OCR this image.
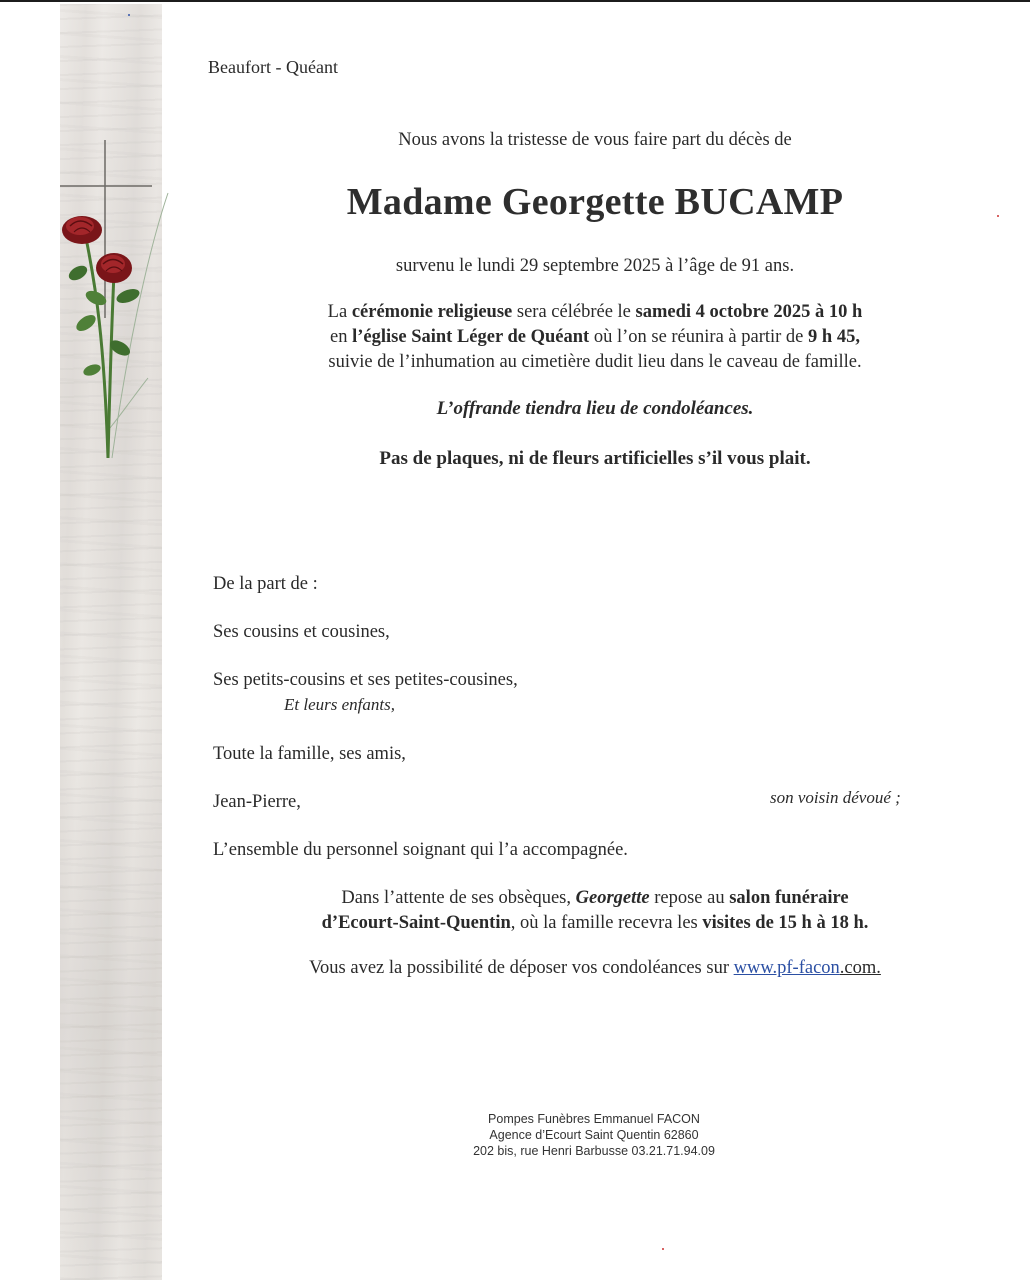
Beaufort - Quéant
Nous avons la tristesse de vous faire part du décès de
Madame Georgette BUCAMP
survenu le lundi 29 septembre 2025 à l’âge de 91 ans.
La cérémonie religieuse sera célébrée le samedi 4 octobre 2025 à 10 h
en l’église Saint Léger de Quéant où l’on se réunira à partir de 9 h 45,
suivie de l’inhumation au cimetière dudit lieu dans le caveau de famille.
L’offrande tiendra lieu de condoléances.
Pas de plaques, ni de fleurs artificielles s’il vous plait.
De la part de :
Ses cousins et cousines,
Ses petits-cousins et ses petites-cousines,
Et leurs enfants,
Toute la famille, ses amis,
Jean-Pierre,	son voisin dévoué ;
L’ensemble du personnel soignant qui l’a accompagnée.
Dans l’attente de ses obsèques, Georgette repose au salon funéraire
d’Ecourt-Saint-Quentin, où la famille recevra les visites de 15 h à 18 h.
Vous avez la possibilité de déposer vos condoléances sur www.pf-facon.com.
Pompes Funèbres Emmanuel FACON
Agence d’Ecourt Saint Quentin 62860
202 bis, rue Henri Barbusse 03.21.71.94.09
